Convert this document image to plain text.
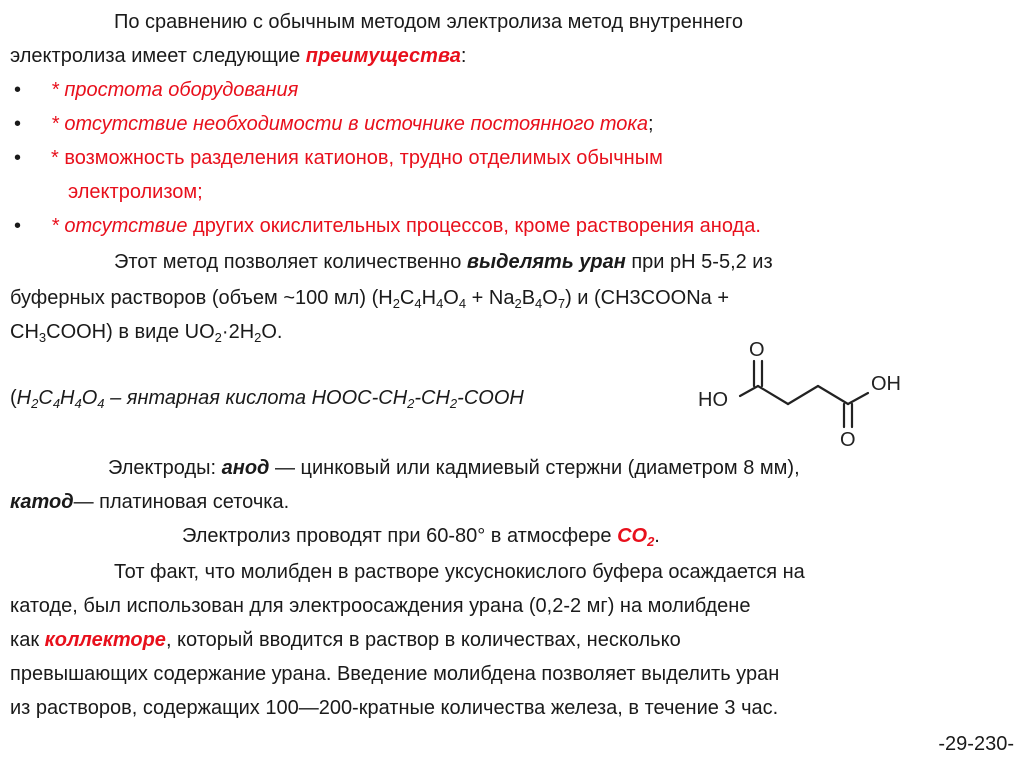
По сравнению с обычным методом электролиза метод внутреннего
электролиза имеет следующие преимущества:
• * простота оборудования
• * отсутствие необходимости в источнике постоянного тока;
• * возможность разделения катионов, трудно отделимых обычным
электролизом;
• * отсутствие других окислительных процессов, кроме растворения анода.
Этот метод позволяет количественно выделять уран при pH 5-5,2 из
буферных растворов (объем ~100 мл) $(H_2C_4H_4O_4 + Na_2B_4O_7)$ и (CH3COONa +
$CH_3COOH$) в виде $UO_2\cdot 2H_2O$.
($H_2C_4H_4O_4$ – янтарная кислота HOOC-$CH_2-CH_2$-COOH
O
OH
HO
O
Электроды: анод — цинковый или кадмиевый стержни (диаметром 8 мм),
катод— платиновая сеточка.
Электролиз проводят при 60-80° в атмосфере $CO_2$.
Тот факт, что молибден в растворе уксуснокислого буфера осаждается на
катоде, был использован для электроосаждения урана (0,2-2 мг) на молибдене
как коллекторе, который вводится в раствор в количествах, несколько
превышающих содержание урана. Введение молибдена позволяет выделить уран
из растворов, содержащих 100—200-кратные количества железа, в течение 3 час.
-29-230-
